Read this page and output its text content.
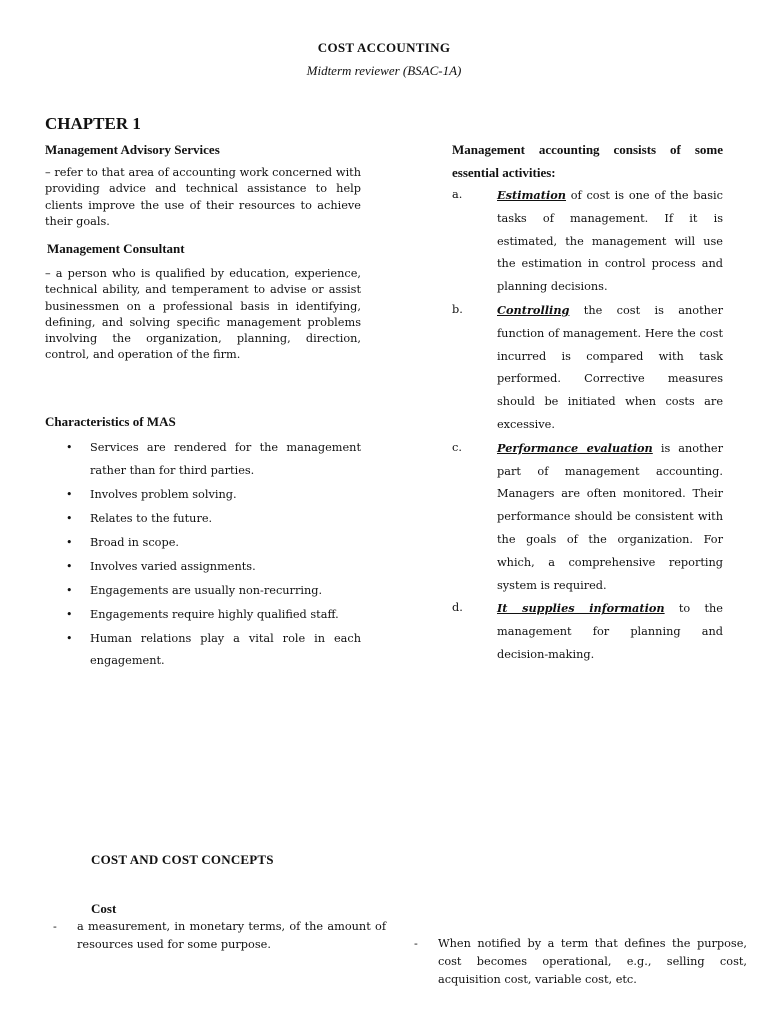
COST ACCOUNTING
Midterm reviewer (BSAC-1A)
CHAPTER 1
Management Advisory Services
– refer to that area of accounting work concerned with providing advice and technical assistance to help clients improve the use of their resources to achieve their goals.
Management Consultant
– a person who is qualified by education, experience, technical ability, and temperament to advise or assist businessmen on a professional basis in identifying, defining, and solving specific management problems involving the organization, planning, direction, control, and operation of the firm.
Characteristics of MAS
• Services are rendered for the management rather than for third parties.
• Involves problem solving.
• Relates to the future.
• Broad in scope.
• Involves varied assignments.
• Engagements are usually non-recurring.
• Engagements require highly qualified staff.
• Human relations play a vital role in each engagement.
Management accounting consists of some essential activities:
a.	Estimation of cost is one of the basic tasks of management. If it is estimated, the management will use the estimation in control process and planning decisions.
b.	Controlling the cost is another function of management. Here the cost incurred is compared with task performed. Corrective measures should be initiated when costs are excessive.
c.	Performance evaluation is another part of management accounting. Managers are often monitored. Their performance should be consistent with the goals of the organization. For which, a comprehensive reporting system is required.
d.	It supplies information to the management for planning and decision-making.
COST AND COST CONCEPTS
Cost
- a measurement, in monetary terms, of the amount of resources used for some purpose.	- When notified by a term that defines the purpose, cost becomes operational, e.g., selling cost, acquisition cost, variable cost, etc.
